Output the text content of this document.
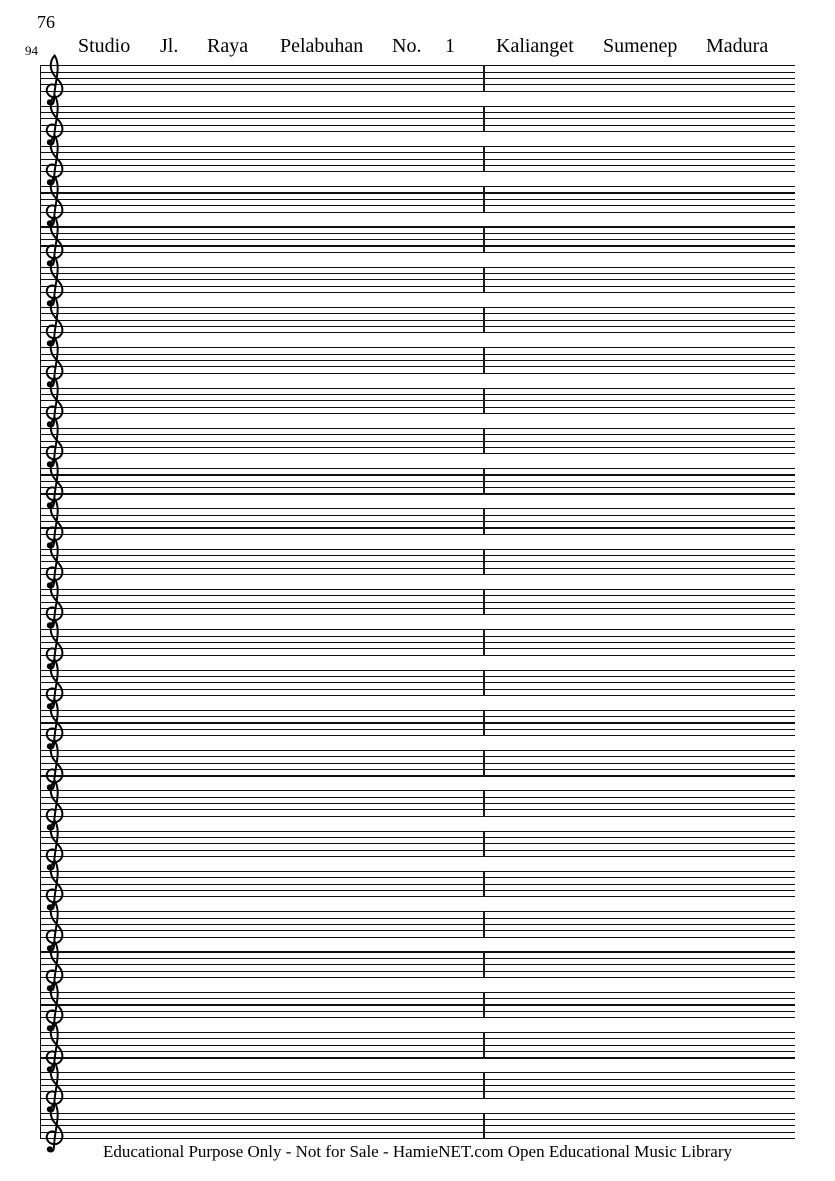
76
94 Studio Jl. Raya Pelabuhan No. 1 Kalianget Sumenep Madura
Educational Purpose Only - Not for Sale - HamieNET.com Open Educational Music Library
